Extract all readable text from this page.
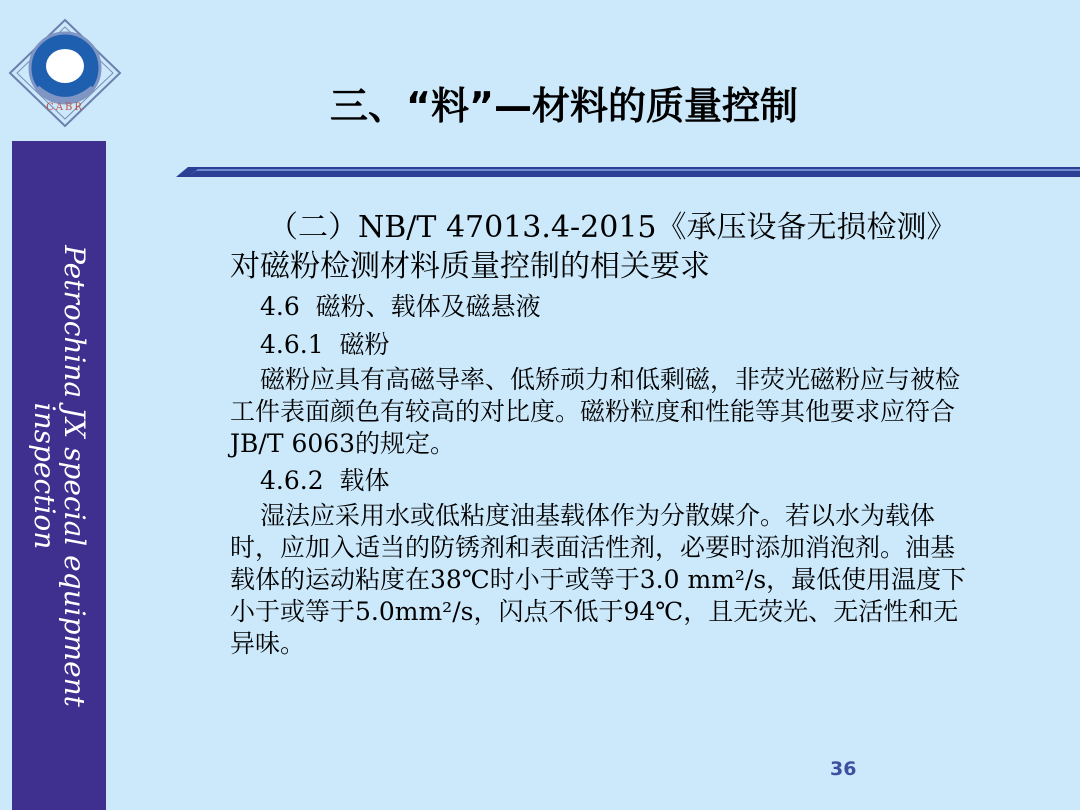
CABR
Petrochina JX special equipment
inspection
三、“料”—材料的质量控制

（二）NB/T 47013.4-2015《承压设备无损检测》对磁粉检测材料质量控制的相关要求

4.6  磁粉、载体及磁悬液
4.6.1  磁粉

磁粉应具有高磁导率、低矫顽力和低剩磁，非荧光磁粉应与被检工件表面颜色有较高的对比度。磁粉粒度和性能等其他要求应符合JB/T 6063的规定。

4.6.2  载体

湿法应采用水或低粘度油基载体作为分散媒介。若以水为载体时，应加入适当的防锈剂和表面活性剂，必要时添加消泡剂。油基载体的运动粘度在38℃时小于或等于3.0 mm²/s，最低使用温度下小于或等于5.0mm²/s，闪点不低于94℃，且无荧光、无活性和无异味。

36
